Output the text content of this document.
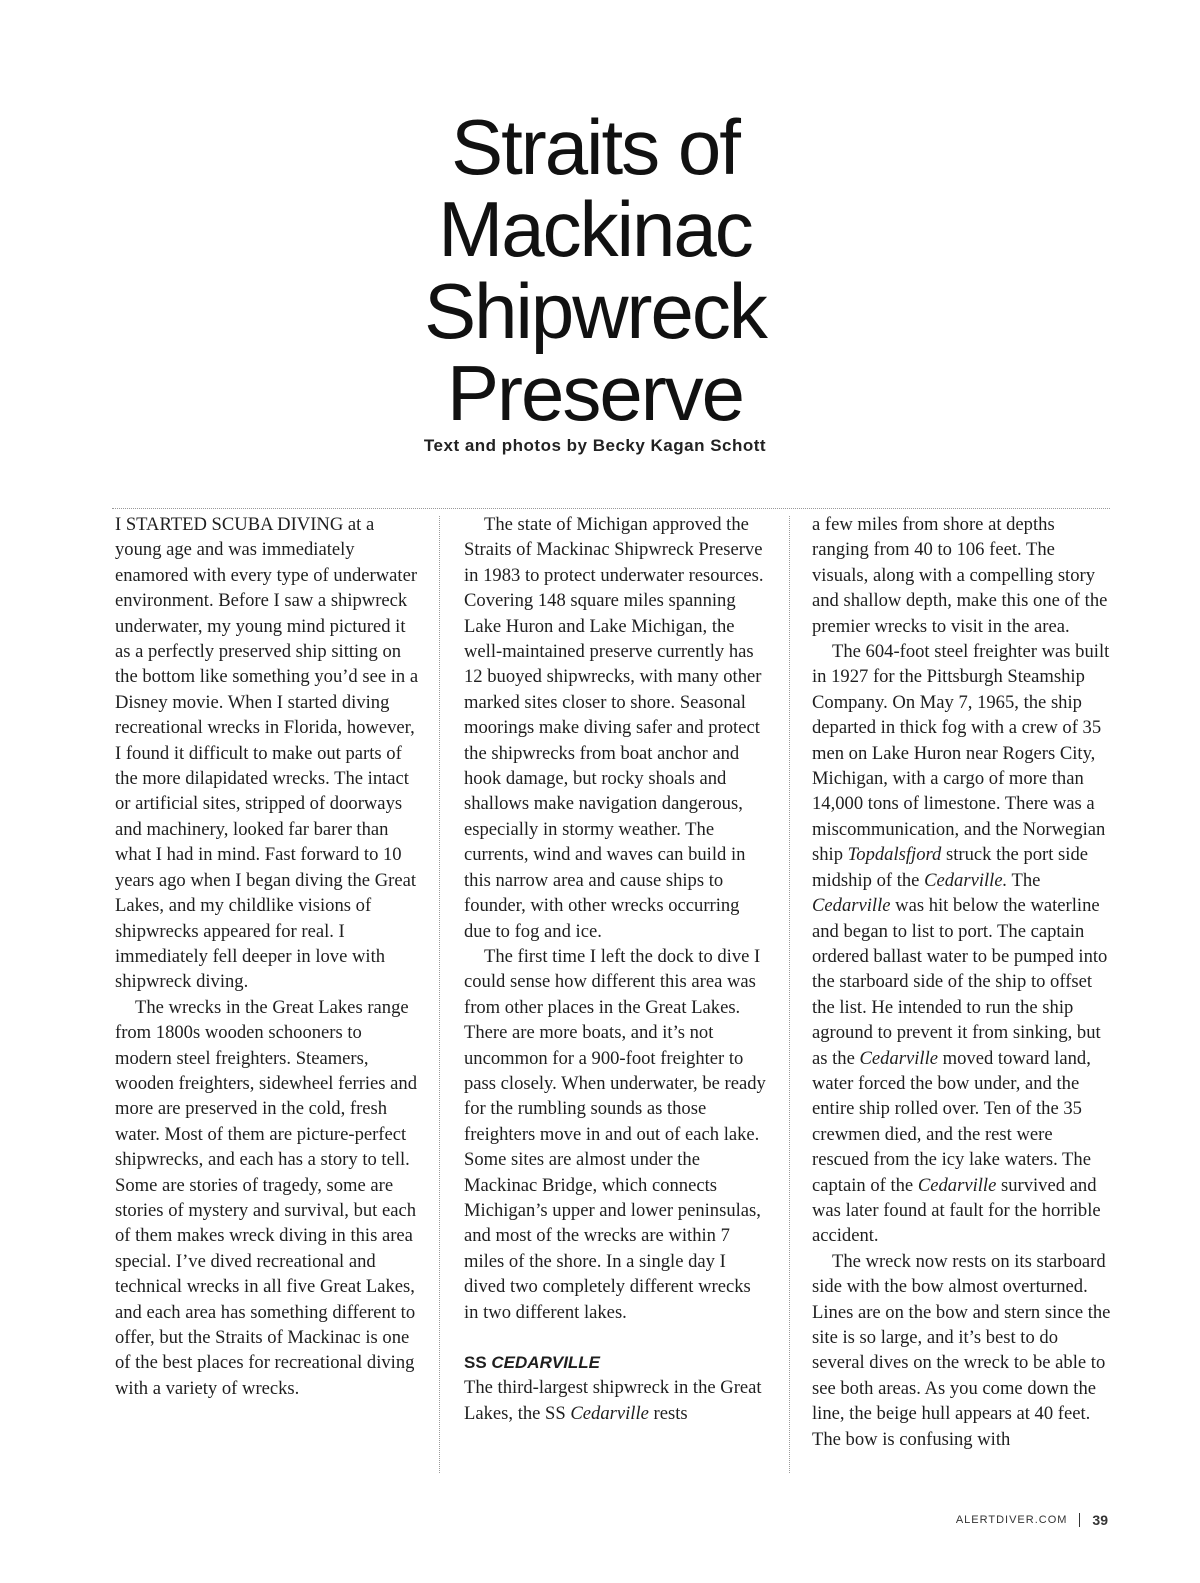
Straits of
Mackinac
Shipwreck
Preserve
Text and photos by Becky Kagan Schott

I STARTED SCUBA DIVING at a young age and was immediately enamored with every type of underwater environment. Before I saw a shipwreck underwater, my young mind pictured it as a perfectly preserved ship sitting on the bottom like something you’d see in a Disney movie. When I started diving recreational wrecks in Florida, however, I found it difficult to make out parts of the more dilapidated wrecks. The intact or artificial sites, stripped of doorways and machinery, looked far barer than what I had in mind. Fast forward to 10 years ago when I began diving the Great Lakes, and my childlike visions of shipwrecks appeared for real. I immediately fell deeper in love with shipwreck diving.

The wrecks in the Great Lakes range from 1800s wooden schooners to modern steel freighters. Steamers, wooden freighters, sidewheel ferries and more are preserved in the cold, fresh water. Most of them are picture-perfect shipwrecks, and each has a story to tell. Some are stories of tragedy, some are stories of mystery and survival, but each of them makes wreck diving in this area special. I’ve dived recreational and technical wrecks in all five Great Lakes, and each area has something different to offer, but the Straits of Mackinac is one of the best places for recreational diving with a variety of wrecks.

The state of Michigan approved the Straits of Mackinac Shipwreck Preserve in 1983 to protect underwater resources. Covering 148 square miles spanning Lake Huron and Lake Michigan, the well-maintained preserve currently has 12 buoyed shipwrecks, with many other marked sites closer to shore. Seasonal moorings make diving safer and protect the shipwrecks from boat anchor and hook damage, but rocky shoals and shallows make navigation dangerous, especially in stormy weather. The currents, wind and waves can build in this narrow area and cause ships to founder, with other wrecks occurring due to fog and ice.

The first time I left the dock to dive I could sense how different this area was from other places in the Great Lakes. There are more boats, and it’s not uncommon for a 900-foot freighter to pass closely. When underwater, be ready for the rumbling sounds as those freighters move in and out of each lake. Some sites are almost under the Mackinac Bridge, which connects Michigan’s upper and lower peninsulas, and most of the wrecks are within 7 miles of the shore. In a single day I dived two completely different wrecks in two different lakes.

SS CEDARVILLE

The third-largest shipwreck in the Great Lakes, the SS Cedarville rests

a few miles from shore at depths ranging from 40 to 106 feet. The visuals, along with a compelling story and shallow depth, make this one of the premier wrecks to visit in the area.

The 604-foot steel freighter was built in 1927 for the Pittsburgh Steamship Company. On May 7, 1965, the ship departed in thick fog with a crew of 35 men on Lake Huron near Rogers City, Michigan, with a cargo of more than 14,000 tons of limestone. There was a miscommunication, and the Norwegian ship Topdalsfjord struck the port side midship of the Cedarville. The Cedarville was hit below the waterline and began to list to port. The captain ordered ballast water to be pumped into the starboard side of the ship to offset the list. He intended to run the ship aground to prevent it from sinking, but as the Cedarville moved toward land, water forced the bow under, and the entire ship rolled over. Ten of the 35 crewmen died, and the rest were rescued from the icy lake waters. The captain of the Cedarville survived and was later found at fault for the horrible accident.

The wreck now rests on its starboard side with the bow almost overturned. Lines are on the bow and stern since the site is so large, and it’s best to do several dives on the wreck to be able to see both areas. As you come down the line, the beige hull appears at 40 feet. The bow is confusing with

ALERTDIVER.COM 39
